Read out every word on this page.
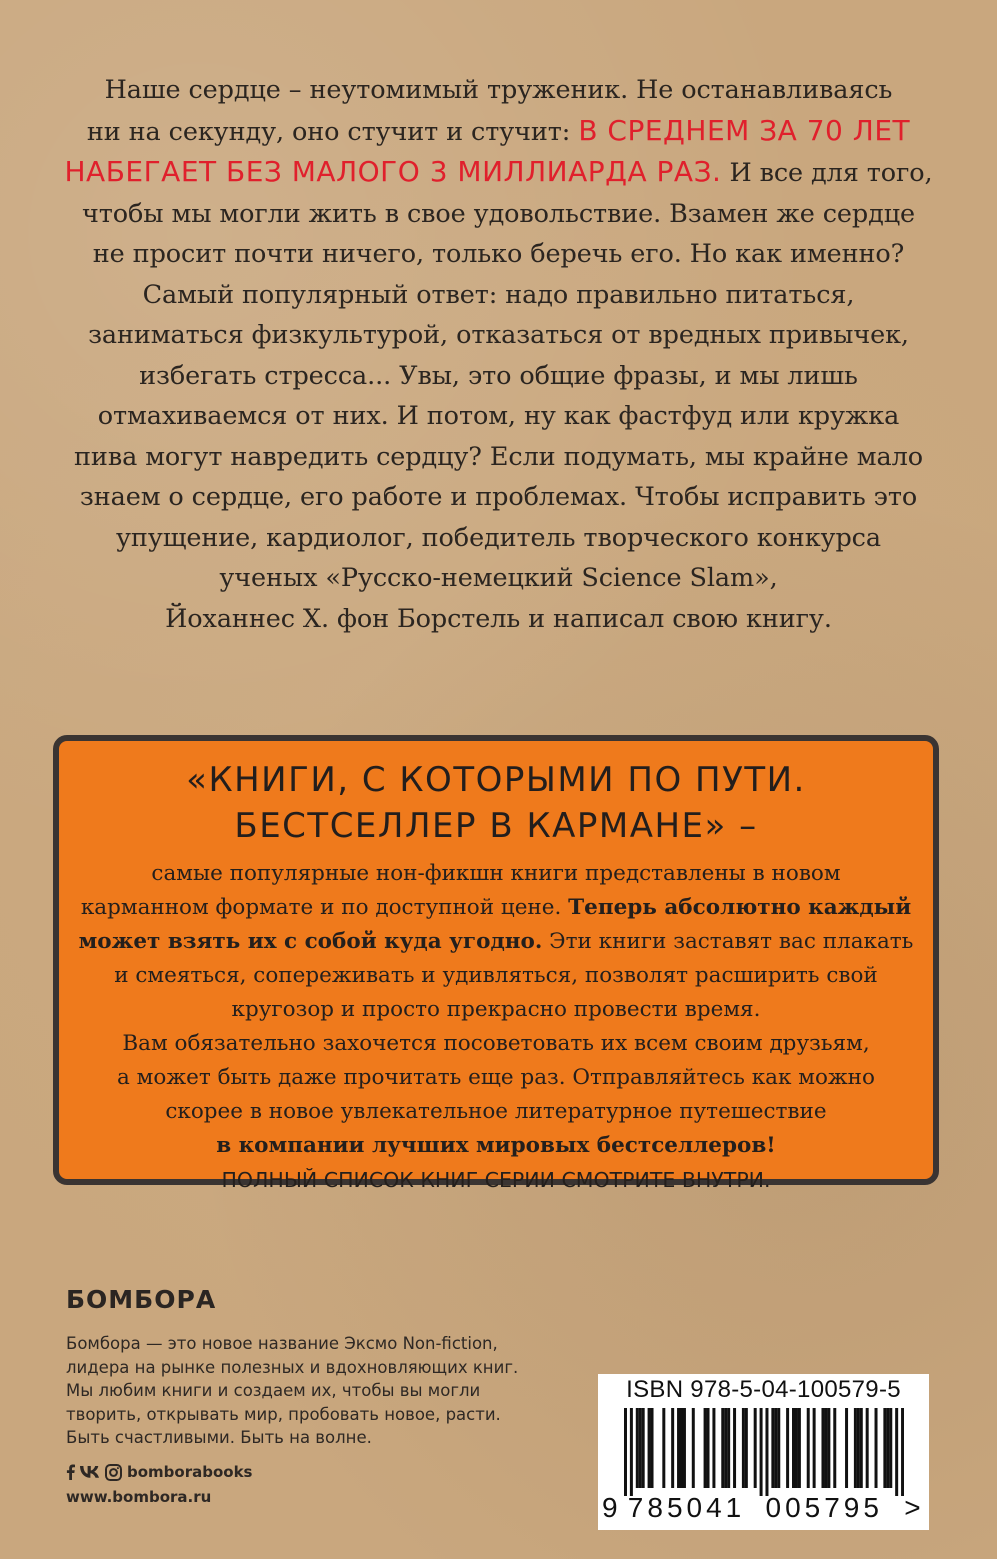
Наше сердце – неутомимый труженик. Не останавливаясь
ни на секунду, оно стучит и стучит: В СРЕДНЕМ ЗА 70 ЛЕТ
НАБЕГАЕТ БЕЗ МАЛОГО 3 МИЛЛИАРДА РАЗ. И все для того,
чтобы мы могли жить в свое удовольствие. Взамен же сердце
не просит почти ничего, только беречь его. Но как именно?
Самый популярный ответ: надо правильно питаться,
заниматься физкультурой, отказаться от вредных привычек,
избегать стресса... Увы, это общие фразы, и мы лишь
отмахиваемся от них. И потом, ну как фастфуд или кружка
пива могут навредить сердцу? Если подумать, мы крайне мало
знаем о сердце, его работе и проблемах. Чтобы исправить это
упущение, кардиолог, победитель творческого конкурса
ученых «Русско-немецкий Science Slam»,
Йоханнес Х. фон Борстель и написал свою книгу.
«КНИГИ, С КОТОРЫМИ ПО ПУТИ.
БЕСТСЕЛЛЕР В КАРМАНЕ» –
самые популярные нон-фикшн книги представлены в новом
карманном формате и по доступной цене. Теперь абсолютно каждый
может взять их с собой куда угодно. Эти книги заставят вас плакать
и смеяться, сопереживать и удивляться, позволят расширить свой
кругозор и просто прекрасно провести время.
Вам обязательно захочется посоветовать их всем своим друзьям,
а может быть даже прочитать еще раз. Отправляйтесь как можно
скорее в новое увлекательное литературное путешествие
в компании лучших мировых бестселлеров!
ПОЛНЫЙ СПИСОК КНИГ СЕРИИ СМОТРИТЕ ВНУТРИ.
БОМБОРА
Бомбора — это новое название Эксмо Non-fiction,
лидера на рынке полезных и вдохновляющих книг.
Мы любим книги и создаем их, чтобы вы могли
творить, открывать мир, пробовать новое, расти.
Быть счастливыми. Быть на волне.
bomborabooks
www.bombora.ru
ISBN 978-5-04-100579-5
9 785041 005795 >
